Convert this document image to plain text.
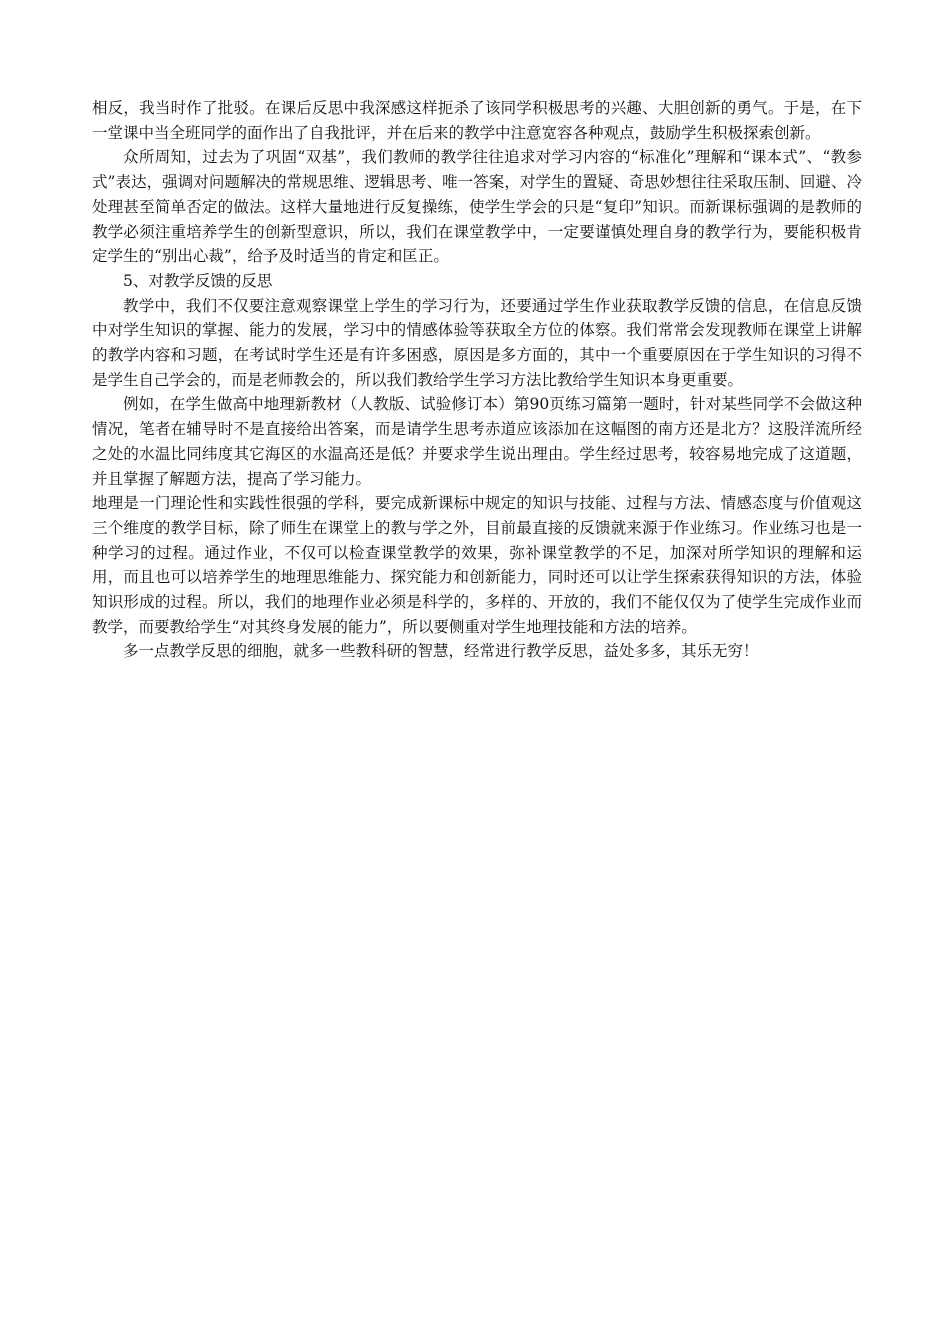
相反，我当时作了批驳。在课后反思中我深感这样扼杀了该同学积极思考的兴趣、大胆创新的勇气。于是，在下一堂课中当全班同学的面作出了自我批评，并在后来的教学中注意宽容各种观点，鼓励学生积极探索创新。

众所周知，过去为了巩固“双基”，我们教师的教学往往追求对学习内容的“标准化”理解和“课本式”、“教参式”表达，强调对问题解决的常规思维、逻辑思考、唯一答案，对学生的置疑、奇思妙想往往采取压制、回避、冷处理甚至简单否定的做法。这样大量地进行反复操练，使学生学会的只是“复印”知识。而新课标强调的是教师的教学必须注重培养学生的创新型意识，所以，我们在课堂教学中，一定要谨慎处理自身的教学行为，要能积极肯定学生的“别出心裁”，给予及时适当的肯定和匡正。

5、对教学反馈的反思

教学中，我们不仅要注意观察课堂上学生的学习行为，还要通过学生作业获取教学反馈的信息，在信息反馈中对学生知识的掌握、能力的发展，学习中的情感体验等获取全方位的体察。我们常常会发现教师在课堂上讲解的教学内容和习题，在考试时学生还是有许多困惑，原因是多方面的，其中一个重要原因在于学生知识的习得不是学生自己学会的，而是老师教会的，所以我们教给学生学习方法比教给学生知识本身更重要。

例如，在学生做高中地理新教材（人教版、试验修订本）第90页练习篇第一题时，针对某些同学不会做这种情况，笔者在辅导时不是直接给出答案，而是请学生思考赤道应该添加在这幅图的南方还是北方？这股洋流所经之处的水温比同纬度其它海区的水温高还是低？并要求学生说出理由。学生经过思考，较容易地完成了这道题，并且掌握了解题方法，提高了学习能力。

地理是一门理论性和实践性很强的学科，要完成新课标中规定的知识与技能、过程与方法、情感态度与价值观这三个维度的教学目标，除了师生在课堂上的教与学之外，目前最直接的反馈就来源于作业练习。作业练习也是一种学习的过程。通过作业，不仅可以检查课堂教学的效果，弥补课堂教学的不足，加深对所学知识的理解和运用，而且也可以培养学生的地理思维能力、探究能力和创新能力，同时还可以让学生探索获得知识的方法，体验知识形成的过程。所以，我们的地理作业必须是科学的，多样的、开放的，我们不能仅仅为了使学生完成作业而教学，而要教给学生“对其终身发展的能力”，所以要侧重对学生地理技能和方法的培养。

多一点教学反思的细胞，就多一些教科研的智慧，经常进行教学反思，益处多多，其乐无穷！
